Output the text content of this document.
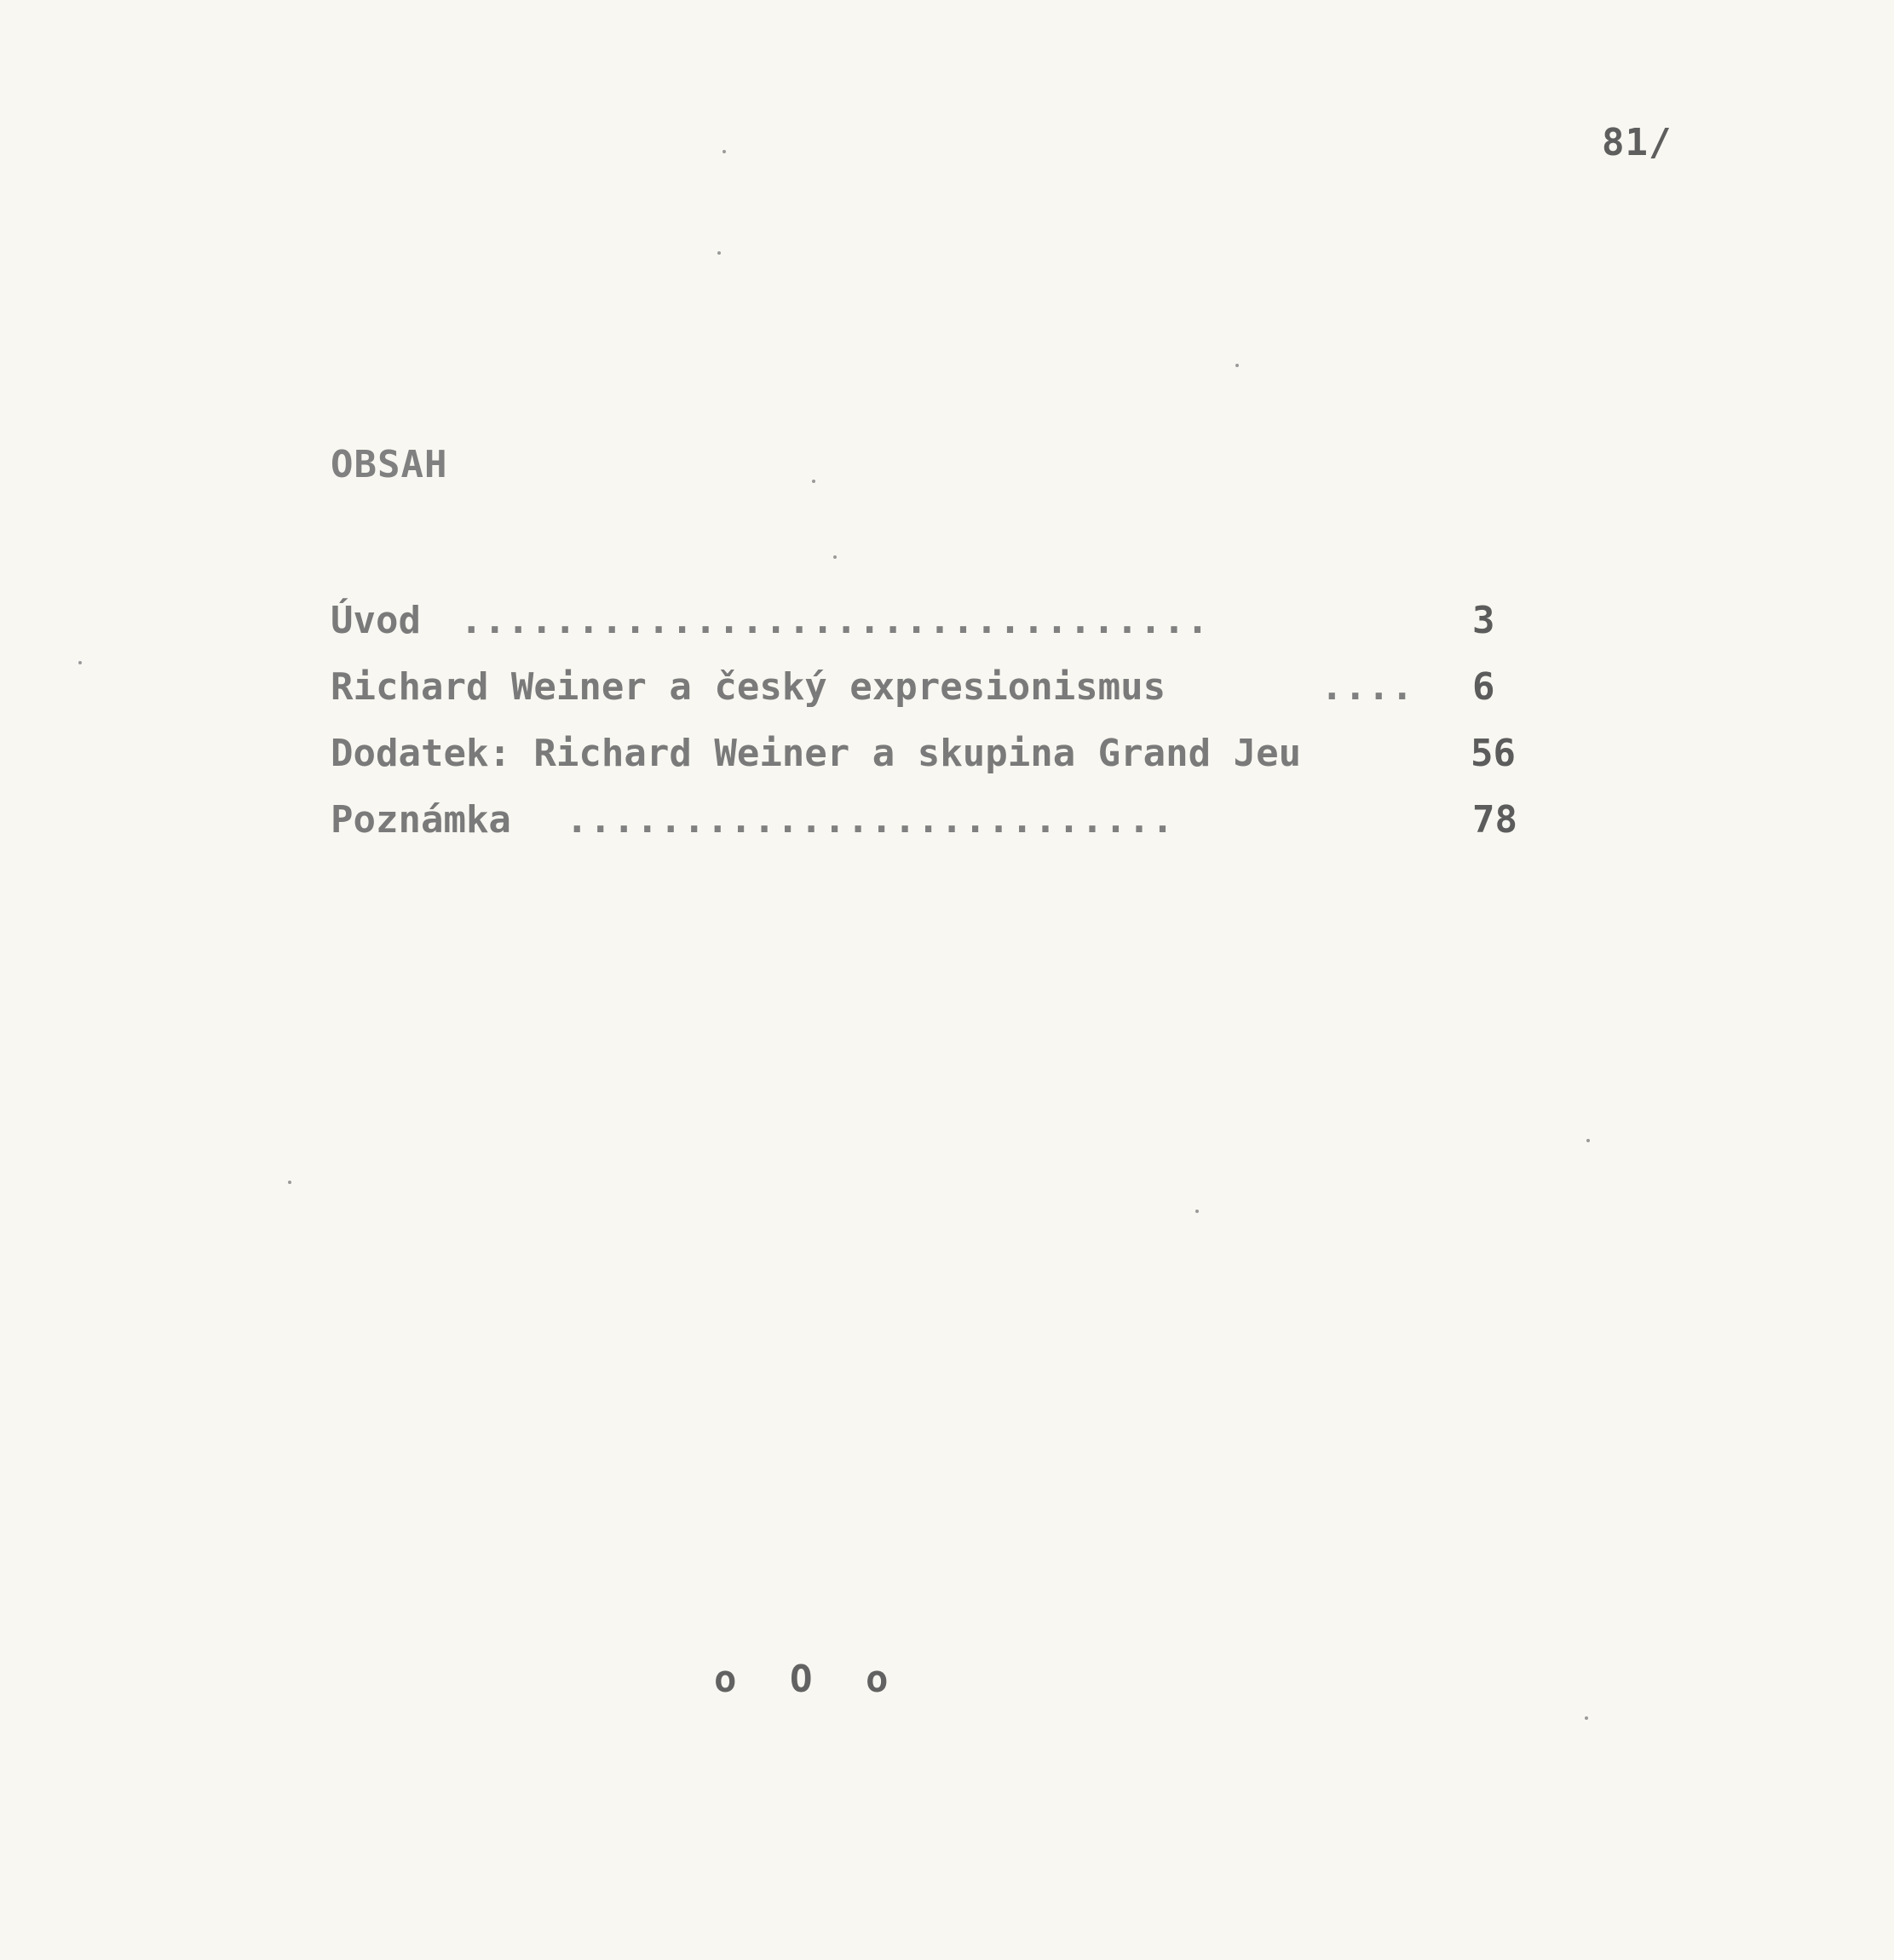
81/
OBSAH
Úvod ................................	3
Richard Weiner a český expresionismus	.... 6
Dodatek: Richard Weiner a skupina Grand Jeu	56
Poznámka ..........................	78
o O o
